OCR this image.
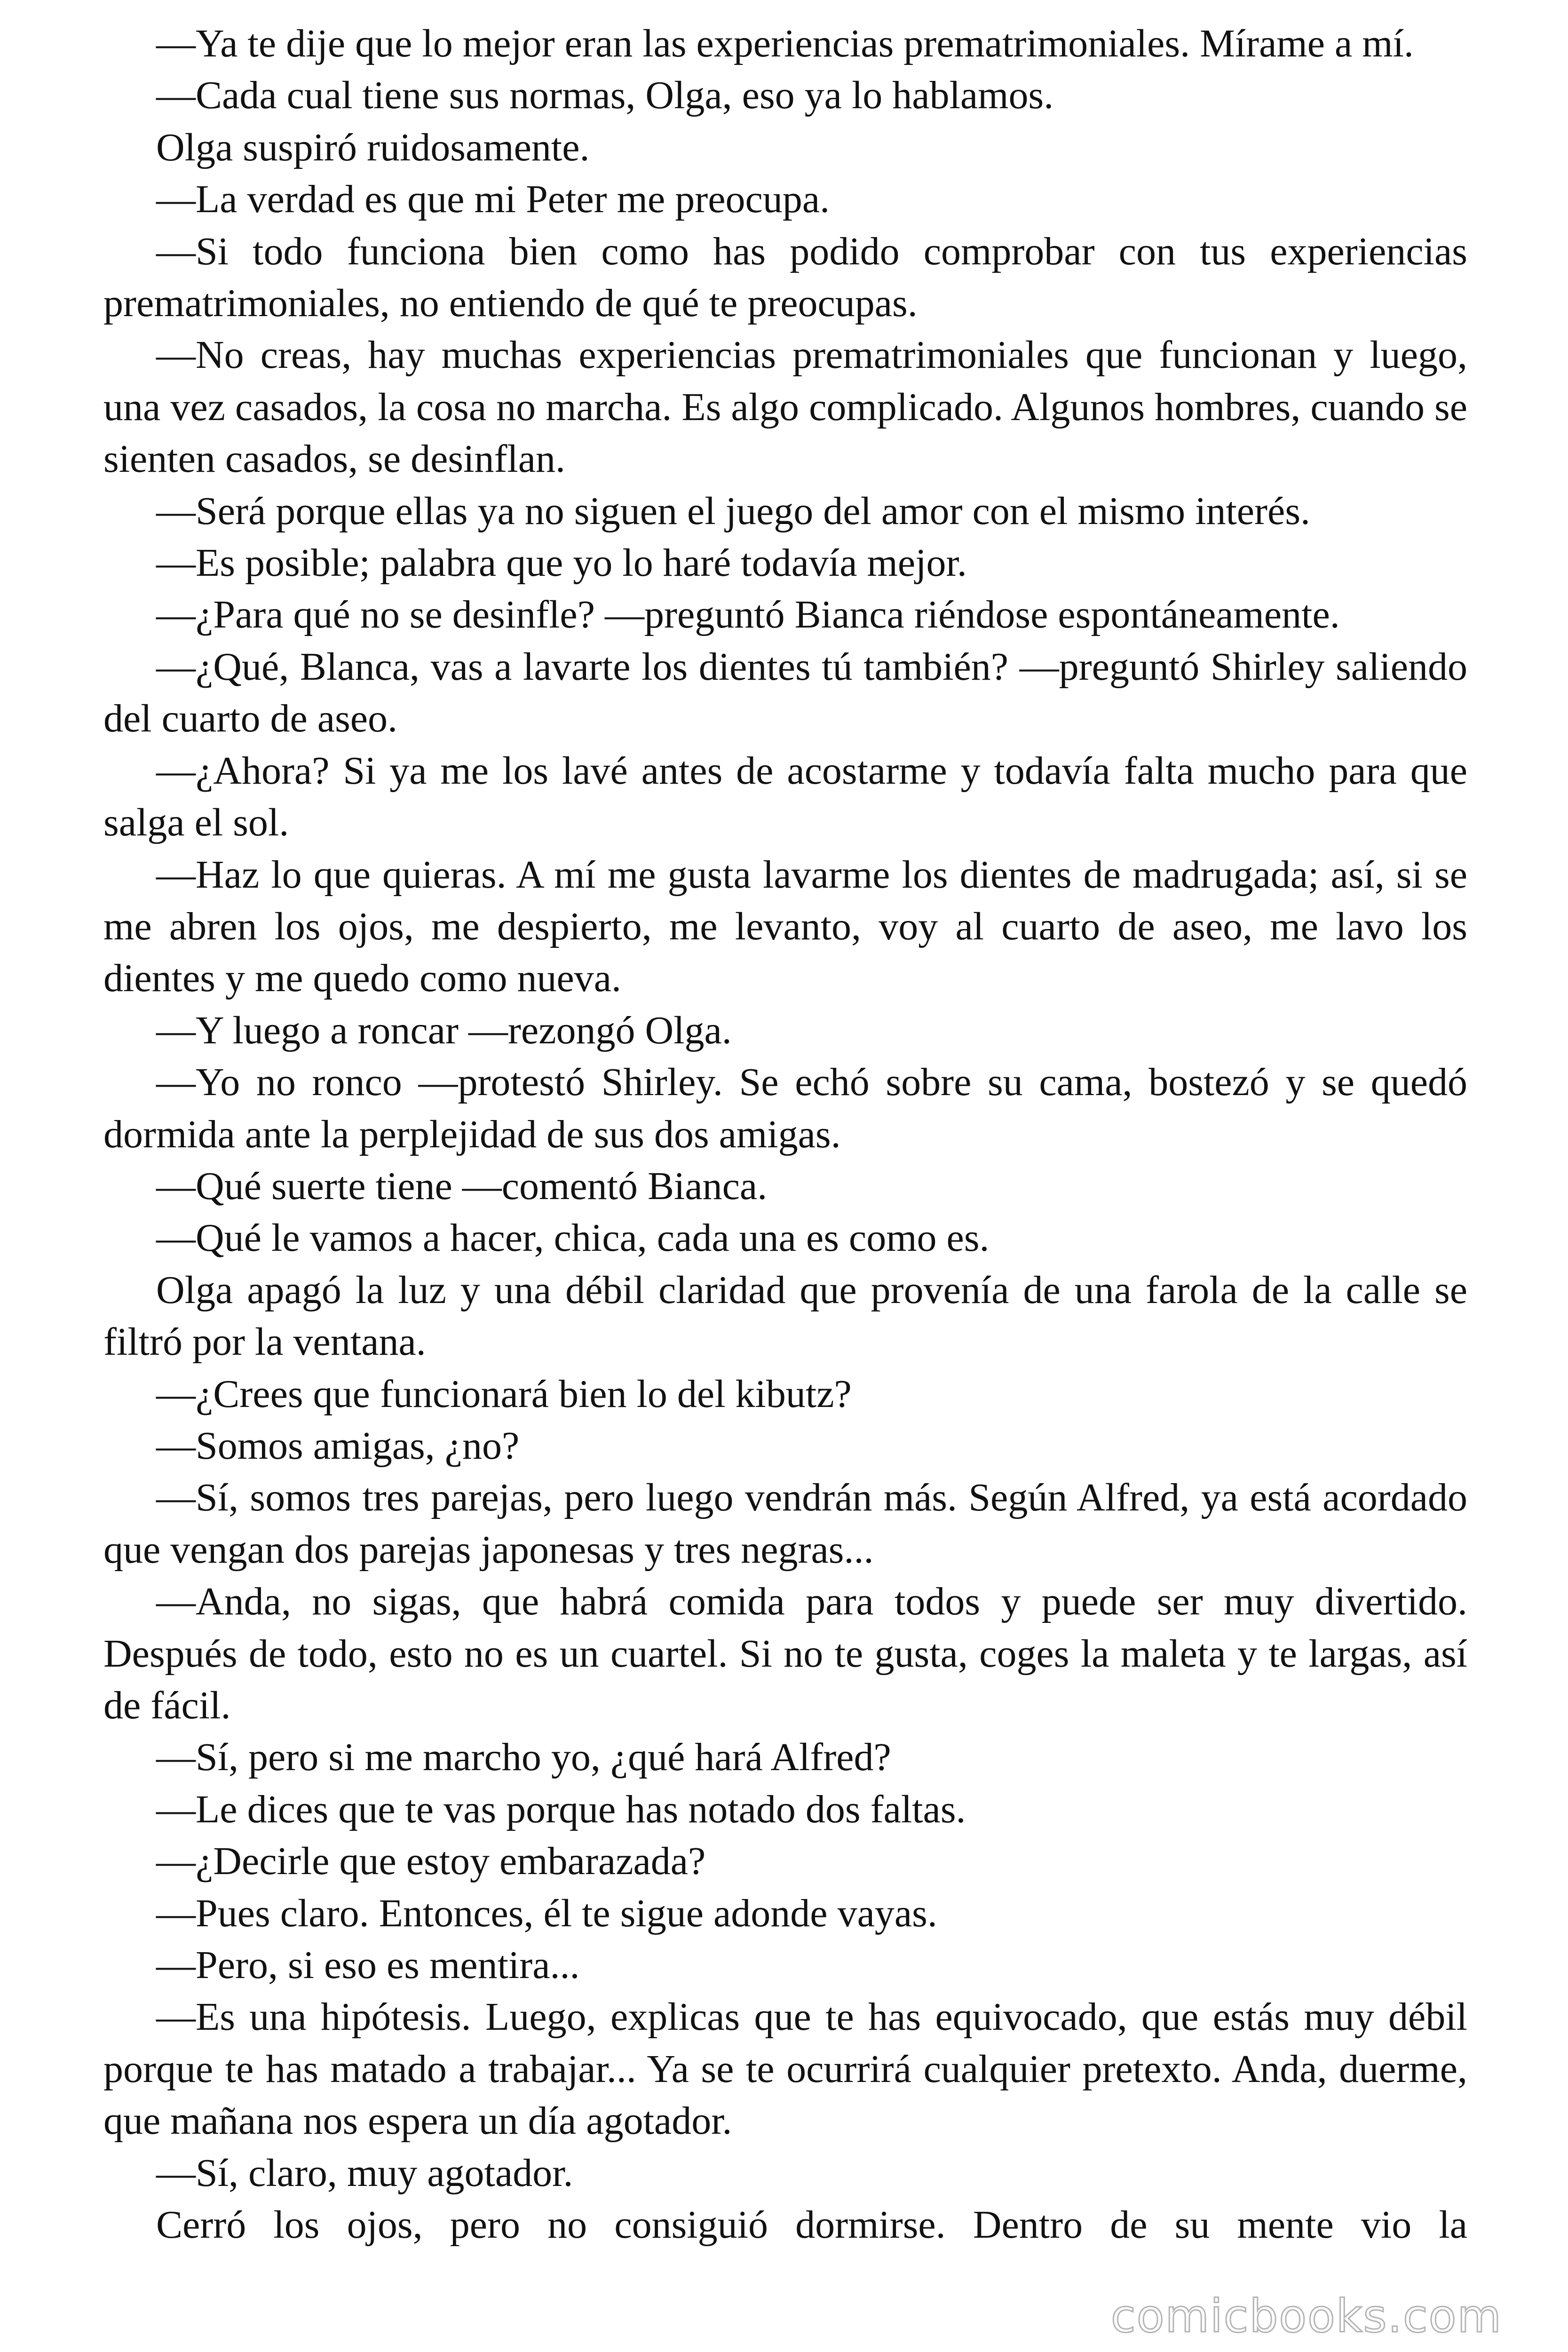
—Ya te dije que lo mejor eran las experiencias prematrimoniales. Mírame a mí.

—Cada cual tiene sus normas, Olga, eso ya lo hablamos.

Olga suspiró ruidosamente.

—La verdad es que mi Peter me preocupa.

—Si todo funciona bien como has podido comprobar con tus experiencias prematrimoniales, no entiendo de qué te preocupas.

—No creas, hay muchas experiencias prematrimoniales que funcionan y luego, una vez casados, la cosa no marcha. Es algo complicado. Algunos hombres, cuando se sienten casados, se desinflan.

—Será porque ellas ya no siguen el juego del amor con el mismo interés.

—Es posible; palabra que yo lo haré todavía mejor.

—¿Para qué no se desinfle? —preguntó Bianca riéndose espontáneamente.

—¿Qué, Blanca, vas a lavarte los dientes tú también? —preguntó Shirley saliendo del cuarto de aseo.

—¿Ahora? Si ya me los lavé antes de acostarme y todavía falta mucho para que salga el sol.

—Haz lo que quieras. A mí me gusta lavarme los dientes de madrugada; así, si se me abren los ojos, me despierto, me levanto, voy al cuarto de aseo, me lavo los dientes y me quedo como nueva.

—Y luego a roncar —rezongó Olga.

—Yo no ronco —protestó Shirley. Se echó sobre su cama, bostezó y se quedó dormida ante la perplejidad de sus dos amigas.

—Qué suerte tiene —comentó Bianca.

—Qué le vamos a hacer, chica, cada una es como es.

Olga apagó la luz y una débil claridad que provenía de una farola de la calle se filtró por la ventana.

—¿Crees que funcionará bien lo del kibutz?

—Somos amigas, ¿no?

—Sí, somos tres parejas, pero luego vendrán más. Según Alfred, ya está acordado que vengan dos parejas japonesas y tres negras...

—Anda, no sigas, que habrá comida para todos y puede ser muy divertido. Después de todo, esto no es un cuartel. Si no te gusta, coges la maleta y te largas, así de fácil.

—Sí, pero si me marcho yo, ¿qué hará Alfred?

—Le dices que te vas porque has notado dos faltas.

—¿Decirle que estoy embarazada?

—Pues claro. Entonces, él te sigue adonde vayas.

—Pero, si eso es mentira...

—Es una hipótesis. Luego, explicas que te has equivocado, que estás muy débil porque te has matado a trabajar... Ya se te ocurrirá cualquier pretexto. Anda, duerme, que mañana nos espera un día agotador.

—Sí, claro, muy agotador.

Cerró los ojos, pero no consiguió dormirse. Dentro de su mente vio la

comicbooks.com
